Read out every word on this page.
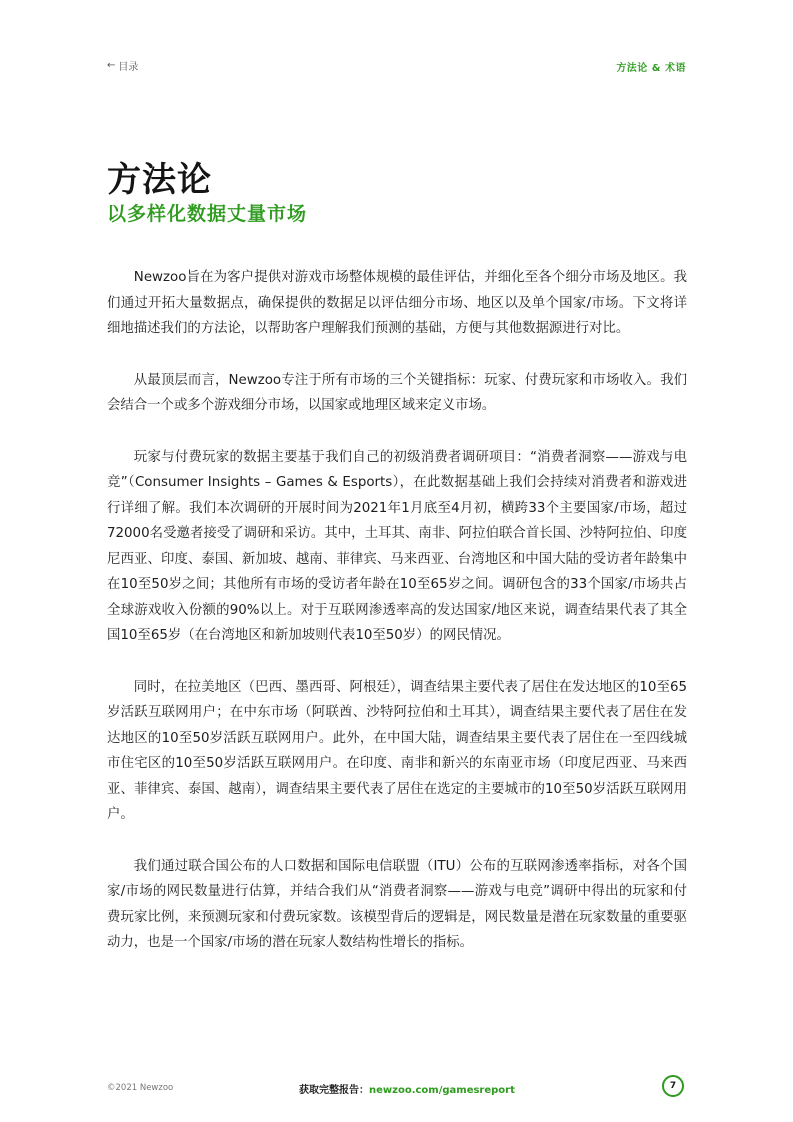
← 目录	方法论 & 术语
方法论
以多样化数据丈量市场

Newzoo旨在为客户提供对游戏市场整体规模的最佳评估，并细化至各个细分市场及地区。我们通过开拓大量数据点，确保提供的数据足以评估细分市场、地区以及单个国家/市场。下文将详细地描述我们的方法论，以帮助客户理解我们预测的基础，方便与其他数据源进行对比。

从最顶层而言，Newzoo专注于所有市场的三个关键指标：玩家、付费玩家和市场收入。我们会结合一个或多个游戏细分市场，以国家或地理区域来定义市场。

玩家与付费玩家的数据主要基于我们自己的初级消费者调研项目：“消费者洞察——游戏与电竞”（Consumer Insights – Games & Esports），在此数据基础上我们会持续对消费者和游戏进行详细了解。我们本次调研的开展时间为2021年1月底至4月初，横跨33个主要国家/市场，超过72000名受邀者接受了调研和采访。其中，土耳其、南非、阿拉伯联合首长国、沙特阿拉伯、印度尼西亚、印度、泰国、新加坡、越南、菲律宾、马来西亚、台湾地区和中国大陆的受访者年龄集中在10至50岁之间；其他所有市场的受访者年龄在10至65岁之间。调研包含的33个国家/市场共占全球游戏收入份额的90%以上。对于互联网渗透率高的发达国家/地区来说，调查结果代表了其全国10至65岁（在台湾地区和新加坡则代表10至50岁）的网民情况。

同时，在拉美地区（巴西、墨西哥、阿根廷），调查结果主要代表了居住在发达地区的10至65岁活跃互联网用户；在中东市场（阿联酋、沙特阿拉伯和土耳其），调查结果主要代表了居住在发达地区的10至50岁活跃互联网用户。此外，在中国大陆，调查结果主要代表了居住在一至四线城市住宅区的10至50岁活跃互联网用户。在印度、南非和新兴的东南亚市场（印度尼西亚、马来西亚、菲律宾、泰国、越南），调查结果主要代表了居住在选定的主要城市的10至50岁活跃互联网用户。

我们通过联合国公布的人口数据和国际电信联盟（ITU）公布的互联网渗透率指标，对各个国家/市场的网民数量进行估算，并结合我们从“消费者洞察——游戏与电竞”调研中得出的玩家和付费玩家比例，来预测玩家和付费玩家数。该模型背后的逻辑是，网民数量是潜在玩家数量的重要驱动力，也是一个国家/市场的潜在玩家人数结构性增长的指标。

©2021 Newzoo	获取完整报告：newzoo.com/gamesreport	7
